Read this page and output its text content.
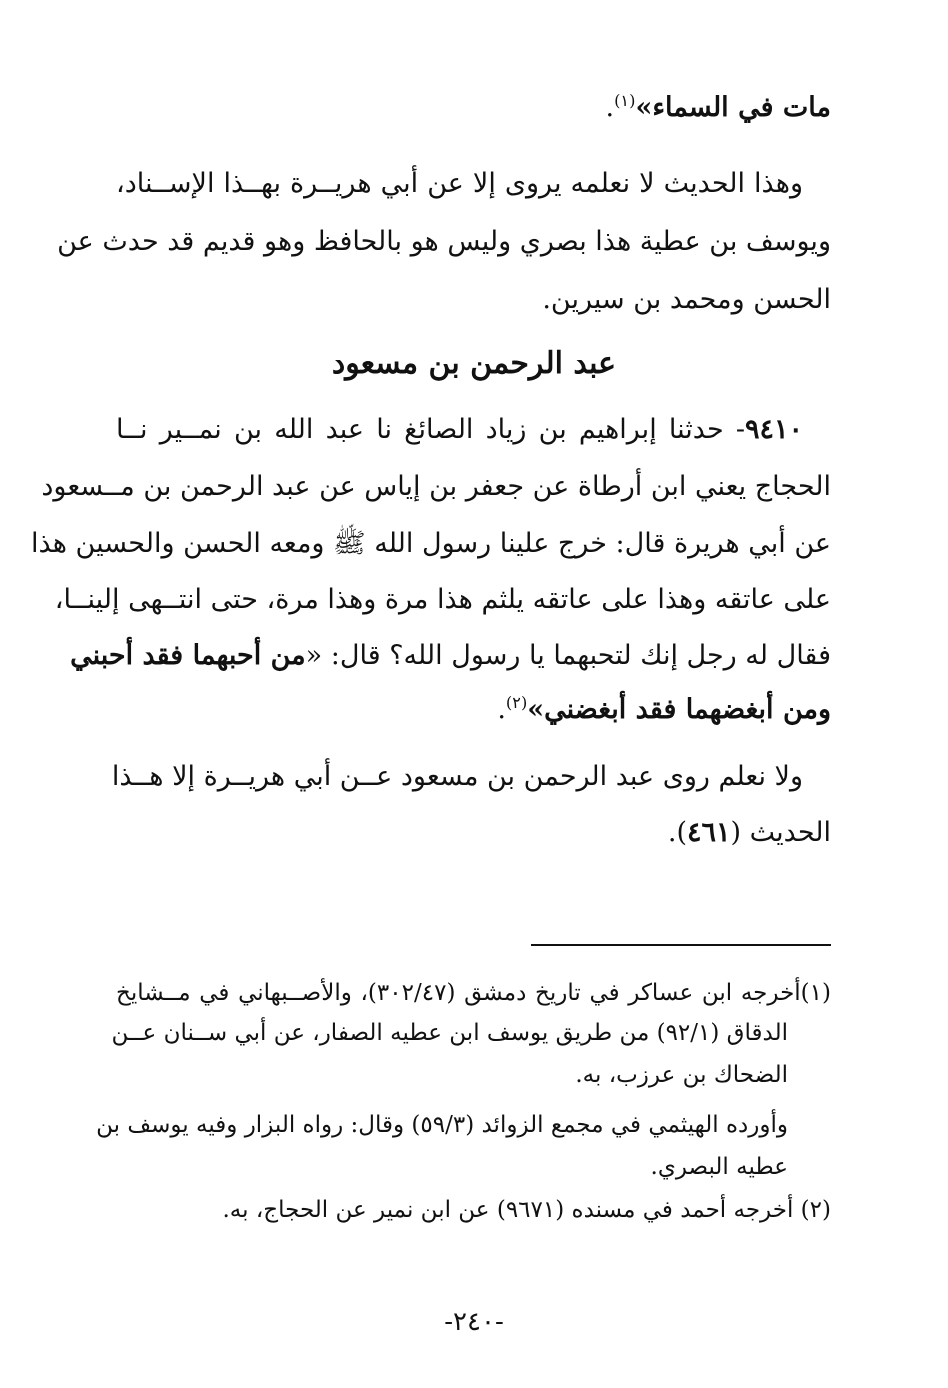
مات في السماء»$^{(١)}$.
وهذا الحديث لا نعلمه يروى إلا عن أبي هريــرة بهــذا الإســناد،
ويوسف بن عطية هذا بصري وليس هو بالحافظ وهو قديم قد حدث عن
الحسن ومحمد بن سيرين.
عبد الرحمن بن مسعود
٩٤١٠- حدثنا إبراهيم بن زياد الصائغ نا عبد الله بن نمــير نــا
الحجاج يعني ابن أرطاة عن جعفر بن إياس عن عبد الرحمن بن مــسعود
عن أبي هريرة قال: خرج علينا رسول الله ﷺ ومعه الحسن والحسين هذا
على عاتقه وهذا على عاتقه يلثم هذا مرة وهذا مرة، حتى انتــهى إلينــا،
فقال له رجل إنك لتحبهما يا رسول الله؟ قال: «من أحبهما فقد أحبني
ومن أبغضهما فقد أبغضني»$^{(٢)}$.
ولا نعلم روى عبد الرحمن بن مسعود عــن أبي هريــرة إلا هــذا
الحديث (٤٦١).
(١)أخرجه ابن عساكر في تاريخ دمشق (٣٠٢/٤٧)، والأصــبهاني في مــشايخ
الدقاق (٩٢/١) من طريق يوسف ابن عطيه الصفار، عن أبي ســنان عــن
الضحاك بن عرزب، به.
وأورده الهيثمي في مجمع الزوائد (٥٩/٣) وقال: رواه البزار وفيه يوسف بن
عطيه البصري.
(٢) أخرجه أحمد في مسنده (٩٦٧١) عن ابن نمير عن الحجاج، به.
-٢٤٠-
